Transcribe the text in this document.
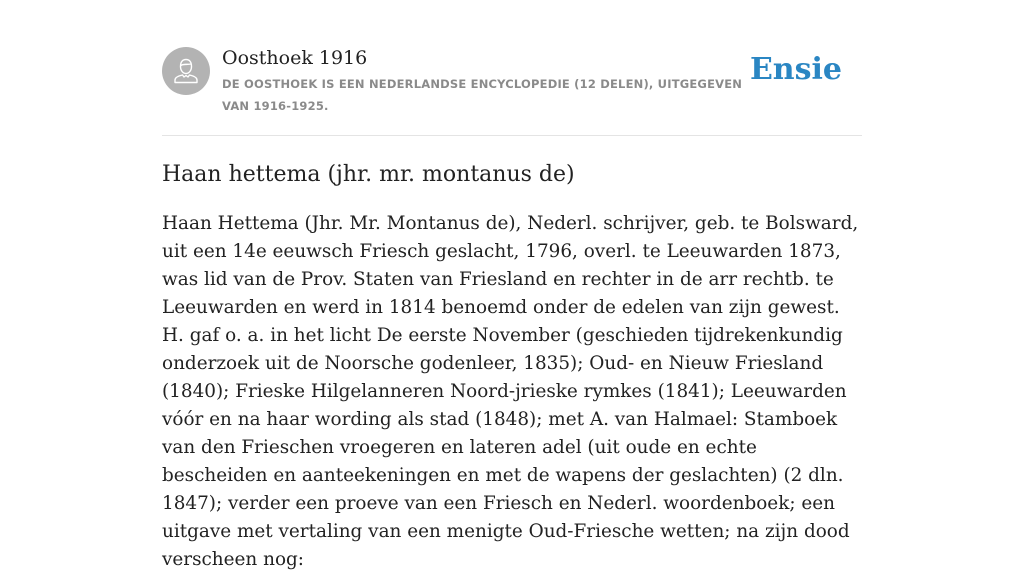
Oosthoek 1916
DE OOSTHOEK IS EEN NEDERLANDSE ENCYCLOPEDIE (12 DELEN), UITGEGEVEN VAN 1916-1925.
Ensie
Haan hettema (jhr. mr. montanus de)

Haan Hettema (Jhr. Mr. Montanus de), Nederl. schrijver, geb. te Bolsward, uit een 14e eeuwsch Friesch geslacht, 1796, overl. te Leeuwarden 1873, was lid van de Prov. Staten van Friesland en rechter in de arr rechtb. te Leeuwarden en werd in 1814 benoemd onder de edelen van zijn gewest. H. gaf o. a. in het licht De eerste November (geschieden tijdrekenkundig onderzoek uit de Noorsche godenleer, 1835); Oud- en Nieuw Friesland (1840); Frieske Hilgelanneren Noord-jrieske rymkes (1841); Leeuwarden vóór en na haar wording als stad (1848); met A. van Halmael: Stamboek van den Frieschen vroegeren en lateren adel (uit oude en echte bescheiden en aanteekeningen en met de wapens der geslachten) (2 dln. 1847); verder een proeve van een Friesch en Nederl. woordenboek; een uitgave met vertaling van een menigte Oud-Friesche wetten; na zijn dood verscheen nog:
